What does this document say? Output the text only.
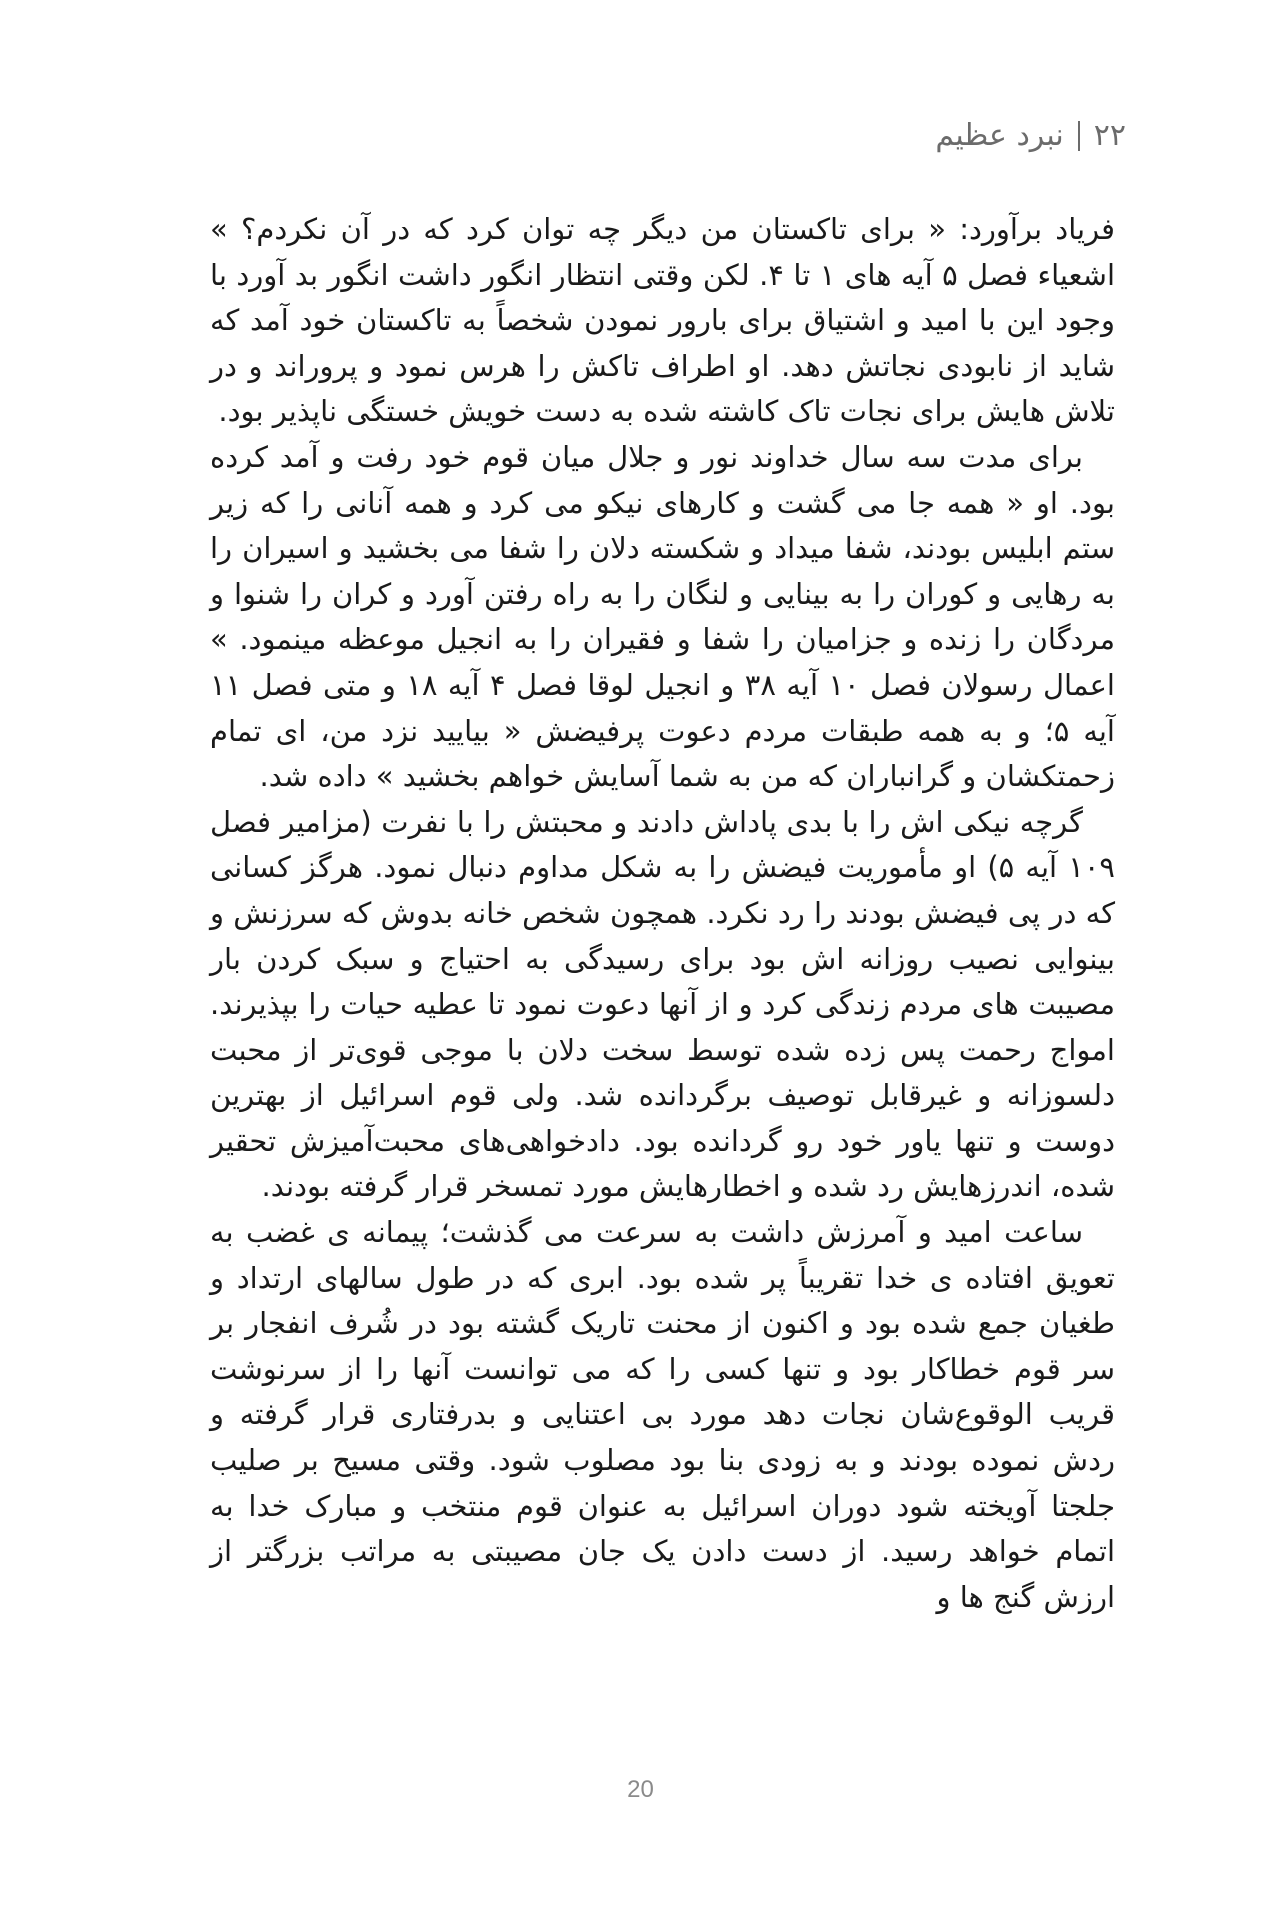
۲۲
نبرد عظیم

فریاد برآورد: « برای تاکستان من دیگر چه توان کرد که در آن نکردم؟ » اشعیاء فصل ۵ آیه های ۱ تا ۴. لکن وقتی انتظار انگور داشت انگور بد آورد با وجود این با امید و اشتیاق برای بارور نمودن شخصاً به تاکستان خود آمد که شاید از نابودی نجاتش دهد. او اطراف تاکش را هرس نمود و پروراند و در تلاش هایش برای نجات تاک کاشته شده به دست خویش خستگی ناپذیر بود.

برای مدت سه سال خداوند نور و جلال میان قوم خود رفت و آمد کرده بود. او « همه جا می گشت و کارهای نیکو می کرد و همه آنانی را که زیر ستم ابلیس بودند، شفا میداد و شکسته دلان را شفا می بخشید و اسیران را به رهایی و کوران را به بینایی و لنگان را به راه رفتن آورد و کران را شنوا و مردگان را زنده و جزامیان را شفا و فقیران را به انجیل موعظه مینمود. » اعمال رسولان فصل ۱۰ آیه ۳۸ و انجیل لوقا فصل ۴ آیه ۱۸ و متی فصل ۱۱ آیه ۵؛ و به همه طبقات مردم دعوت پرفیضش « بیایید نزد من، ای تمام زحمتکشان و گرانباران که من به شما آسایش خواهم بخشید » داده شد.

گرچه نیکی اش را با بدی پاداش دادند و محبتش را با نفرت (مزامیر فصل ۱۰۹ آیه ۵) او مأموریت فیضش را به شکل مداوم دنبال نمود. هرگز کسانی که در پی فیضش بودند را رد نکرد. همچون شخص خانه بدوش که سرزنش و بینوایی نصیب روزانه اش بود برای رسیدگی به احتیاج و سبک کردن بار مصیبت های مردم زندگی کرد و از آنها دعوت نمود تا عطیه حیات را بپذیرند. امواج رحمت پس زده شده توسط سخت دلان با موجی قوی‌تر از محبت دلسوزانه و غیرقابل توصیف برگردانده شد. ولی قوم اسرائیل از بهترین دوست و تنها یاور خود رو گردانده بود. دادخواهی‌های محبت‌آمیزش تحقیر شده، اندرزهایش رد شده و اخطارهایش مورد تمسخر قرار گرفته بودند.

ساعت امید و آمرزش داشت به سرعت می گذشت؛ پیمانه ی غضب به تعویق افتاده ی خدا تقریباً پر شده بود. ابری که در طول سالهای ارتداد و طغیان جمع شده بود و اکنون از محنت تاریک گشته بود در شُرف انفجار بر سر قوم خطاکار بود و تنها کسی را که می توانست آنها را از سرنوشت قریب الوقوع‌شان نجات دهد مورد بی اعتنایی و بدرفتاری قرار گرفته و ردش نموده بودند و به زودی بنا بود مصلوب شود. وقتی مسیح بر صلیب جلجتا آویخته شود دوران اسرائیل به عنوان قوم منتخب و مبارک خدا به اتمام خواهد رسید. از دست دادن یک جان مصیبتی به مراتب بزرگتر از ارزش گنج ها و

20
